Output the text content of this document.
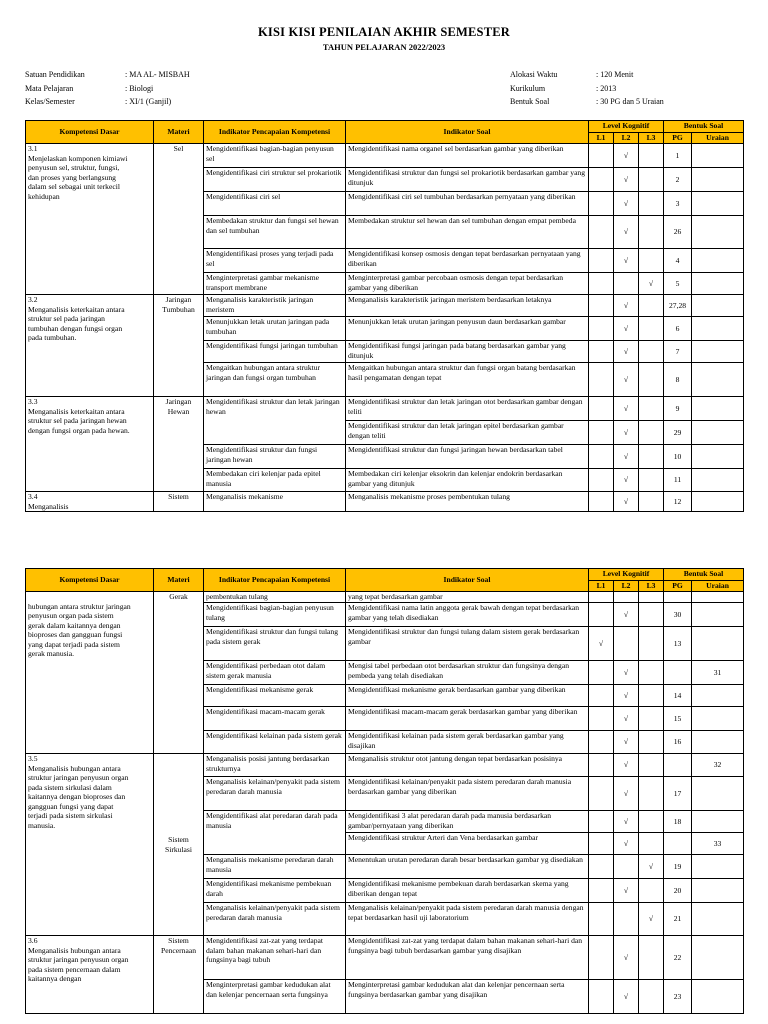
KISI KISI PENILAIAN AKHIR SEMESTER
TAHUN PELAJARAN 2022/2023
Satuan Pendidikan	: MA AL- MISBAH
Mata Pelajaran	: Biologi
Kelas/Semester	: XI/1 (Ganjil)
Alokasi Waktu	: 120 Menit
Kurikulum	: 2013
Bentuk Soal	: 30 PG dan 5 Uraian
Kompetensi Dasar	Materi	Indikator Pencapaian Kompetensi	Indikator Soal	Level Kognitif			Bentuk Soal	
				L1	L2	L3	PG	Uraian
3.1Menjelaskan komponen kimiawi penyusun sel, struktur, fungsi, dan proses yang berlangsung dalam sel sebagai unit terkecil kehidupan	Sel	Mengidentifikasi bagian-bagian penyusun sel	Mengidentifikasi nama organel sel berdasarkan gambar yang diberikan		√		1	
		Mengidentifikasi ciri struktur sel prokariotik	Mengidentifikasi struktur dan fungsi sel prokariotik berdasarkan gambar yang ditunjuk		√		2	
		Mengidentifikasi ciri sel	Mengidentifikasi ciri sel tumbuhan berdasarkan pernyataan yang diberikan		√		3	
		Membedakan struktur dan fungsi sel hewan dan sel tumbuhan	Membedakan struktur sel hewan dan sel tumbuhan dengan empat pembeda		√		26	
		Mengidentifikasi proses yang terjadi pada sel	Mengidentifikasi konsep osmosis dengan tepat berdasarkan pernyataan yang diberikan		√		4	
		Menginterpretasi gambar mekanisme transport membrane	Menginterpretasi gambar percobaan osmosis dengan tepat berdasarkan gambar yang diberikan			√	5	
3.2Menganalisis keterkaitan antara struktur sel pada jaringan tumbuhan dengan fungsi organ pada tumbuhan.	Jaringan Tumbuhan	Menganalisis karakteristik jaringan meristem	Menganalisis karakteristik jaringan meristem berdasarkan letaknya		√		27,28	
		Menunjukkan letak urutan jaringan pada tumbuhan	Menunjukkan letak urutan jaringan penyusun daun berdasarkan gambar		√		6	
		Mengidentifikasi fungsi jaringan tumbuhan	Mengidentifikasi fungsi jaringan pada batang berdasarkan gambar yang ditunjuk		√		7	
		Mengaitkan hubungan antara struktur jaringan dan fungsi organ tumbuhan	Mengaitkan hubungan antara struktur dan fungsi organ batang berdasarkan hasil pengamatan dengan tepat		√		8	
3.3Menganalisis keterkaitan antara struktur sel pada jaringan hewan dengan fungsi organ pada hewan.	Jaringan Hewan	Mengidentifikasi struktur dan letak jaringan hewan	Mengidentifikasi struktur dan letak jaringan otot berdasarkan gambar dengan teliti		√		9	
			Mengidentifikasi struktur dan letak jaringan epitel berdasarkan gambar dengan teliti		√		29	
		Mengidentifikasi struktur dan fungsi jaringan hewan	Mengidentifikasi struktur dan fungsi jaringan hewan berdasarkan tabel		√		10	
		Membedakan ciri kelenjar pada epitel manusia	Membedakan ciri kelenjar eksokrin dan kelenjar endokrin berdasarkan gambar yang ditunjuk		√		11	
3.4Menganalisis	Sistem	Menganalisis mekanisme	Menganalisis mekanisme proses pembentukan tulang		√		12	
Kompetensi Dasar	Materi	Indikator Pencapaian Kompetensi	Indikator Soal	Level Kognitif			Bentuk Soal	
				L1	L2	L3	PG	Uraian
hubungan antara struktur jaringan penyusun organ pada sistem gerak dalam kaitannya dengan bioproses dan gangguan fungsi yang dapat terjadi pada sistem gerak manusia.	Gerak	pembentukan tulang	yang tepat berdasarkan gambar					
		Mengidentifikasi bagian-bagian penyusun tulang	Mengidentifikasi nama latin anggota gerak bawah dengan tepat berdasarkan gambar yang telah disediakan		√		30	
		Mengidentifikasi struktur dan fungsi tulang pada sistem gerak	Mengidentifikasi struktur dan fungsi tulang dalam sistem gerak berdasarkan gambar	√			13	
		Mengidentifikasi perbedaan otot dalam sistem gerak manusia	Mengisi tabel perbedaan otot berdasarkan struktur dan fungsinya dengan pembeda yang telah disediakan		√			31
		Mengidentifikasi mekanisme gerak	Mengidentifikasi mekanisme gerak berdasarkan gambar yang diberikan		√		14	
		Mengidentifikasi macam-macam gerak	Mengidentifikasi macam-macam gerak berdasarkan gambar yang diberikan		√		15	
		Mengidentifikasi kelainan pada sistem gerak	Mengidentifikasi kelainan pada sistem gerak berdasarkan gambar yang disajikan		√		16	
3.5Menganalisis hubungan antara struktur jaringan penyusun organ pada sistem sirkulasi dalam kaitannya dengan bioproses dan gangguan fungsi yang dapat terjadi pada sistem sirkulasi manusia.	Sistem Sirkulasi	Menganalisis posisi jantung berdasarkan strukturnya	Menganalisis struktur otot jantung dengan tepat berdasarkan posisinya		√			32
		Menganalisis kelainan/penyakit pada sistem peredaran darah manusia	Mengidentifikasi kelainan/penyakit pada sistem peredaran darah manusia berdasarkan gambar yang diberikan		√		17	
		Mengidentifikasi alat peredaran darah pada manusia	Mengidentifikasi 3 alat peredaran darah pada manusia berdasarkan gambar/pernyataan yang diberikan		√		18	
			Mengidentifikasi struktur Arteri dan Vena berdasarkan gambar		√			33
		Menganalisis mekanisme peredaran darah manusia	Menentukan urutan peredaran darah besar berdasarkan gambar yg disediakan			√	19	
		Mengidentifikasi mekanisme pembekuan darah	Mengidentifikasi mekanisme pembekuan darah berdasarkan skema yang diberikan dengan tepat		√		20	
		Menganalisis kelainan/penyakit pada sistem peredaran darah manusia	Menganalisis kelainan/penyakit pada sistem peredaran darah manusia dengan tepat berdasarkan hasil uji laboratorium			√	21	
3.6Menganalisis hubungan antara struktur jaringan penyusun organ pada sistem pencernaan dalam kaitannya dengan	Sistem Pencernaan	Mengidentifikasi zat-zat yang terdapat dalam bahan makanan sehari-hari dan fungsinya bagi tubuh	Mengidentifikasi zat-zat yang terdapat dalam bahan makanan sehari-hari dan fungsinya bagi tubuh berdasarkan gambar yang disajikan		√		22	
		Menginterpretasi gambar kedudukan alat dan kelenjar pencernaan serta fungsinya	Menginterpretasi gambar kedudukan alat dan kelenjar pencernaan serta fungsinya berdasarkan gambar yang disajikan		√		23	
